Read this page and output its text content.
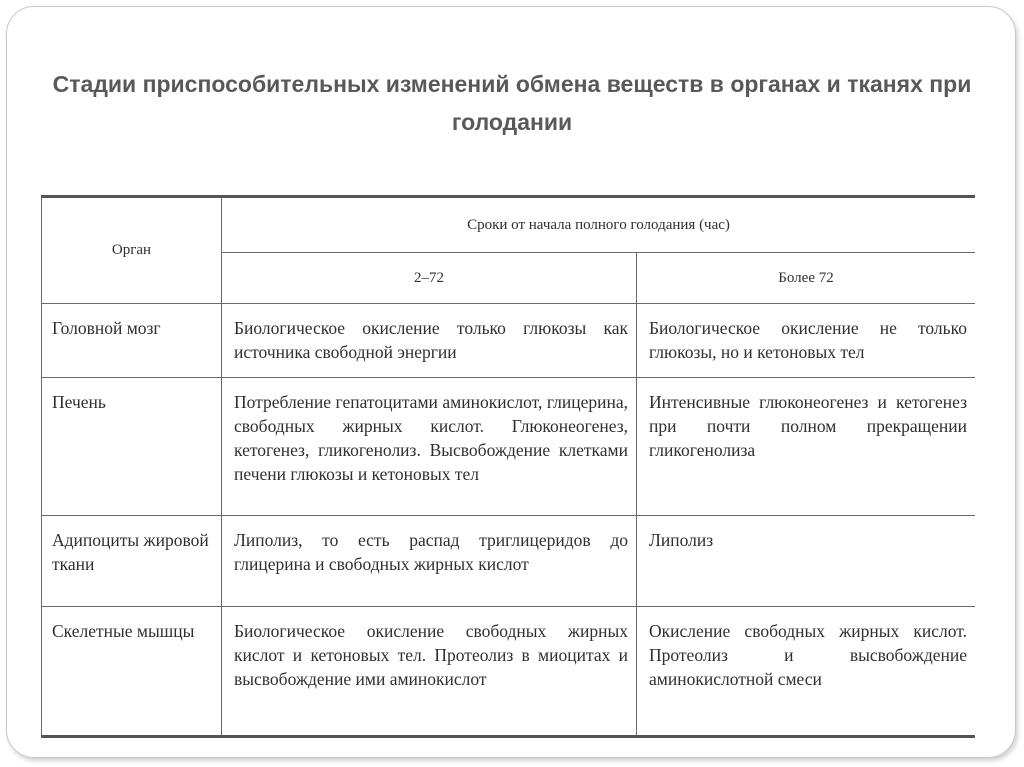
Стадии приспособительных изменений обмена веществ в органах и тканях при голодании
Орган	Сроки от начала полного голодания (час)	
	2–72	Более 72
Головной мозг	Биологическое окисление только глюкозы как источника свободной энергии	Биологическое окисление не только глюкозы, но и кетоновых тел
Печень	Потребление гепатоцитами аминокислот, глицерина, свободных жирных кислот. Глюконеогенез, кетогенез, гликогенолиз. Высвобождение клетками печени глюкозы и кетоновых тел	Интенсивные глюконеогенез и кетогенез при почти полном прекращении гликогенолиза
Адипоциты жировой ткани	Липолиз, то есть распад триглицеридов до глицерина и свободных жирных кислот	Липолиз
Скелетные мышцы	Биологическое окисление свободных жирных кислот и кетоновых тел. Протеолиз в миоцитах и высвобождение ими аминокислот	Окисление свободных жирных кислот. Протеолиз и высвобождение аминокислотной смеси
